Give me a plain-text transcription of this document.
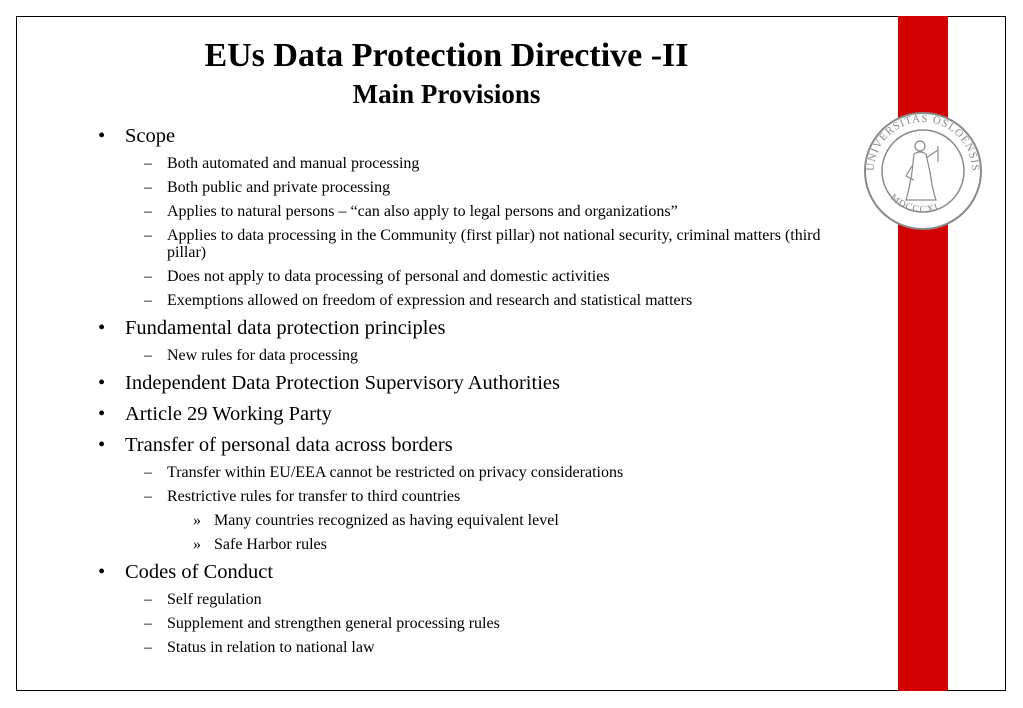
UNIVERSITAS OSLOENSIS
MDCCCXI
EUs Data Protection Directive -II
Main Provisions
• Scope
– Both automated and manual processing
– Both public and private processing
– Applies to natural persons – “can also apply to legal persons and organizations”
– Applies to data processing in the Community (first pillar) not national security, criminal matters (third pillar)
– Does not apply to data processing of personal and domestic activities
– Exemptions allowed on freedom of expression and research and statistical matters
• Fundamental data protection principles
– New rules for data processing
• Independent Data Protection Supervisory Authorities
• Article 29 Working Party
• Transfer of personal data across borders
– Transfer within EU/EEA cannot be restricted on privacy considerations
– Restrictive rules for transfer to third countries
» Many countries recognized as having equivalent level
» Safe Harbor rules
• Codes of Conduct
– Self regulation
– Supplement and strengthen general processing rules
– Status in relation to national law
